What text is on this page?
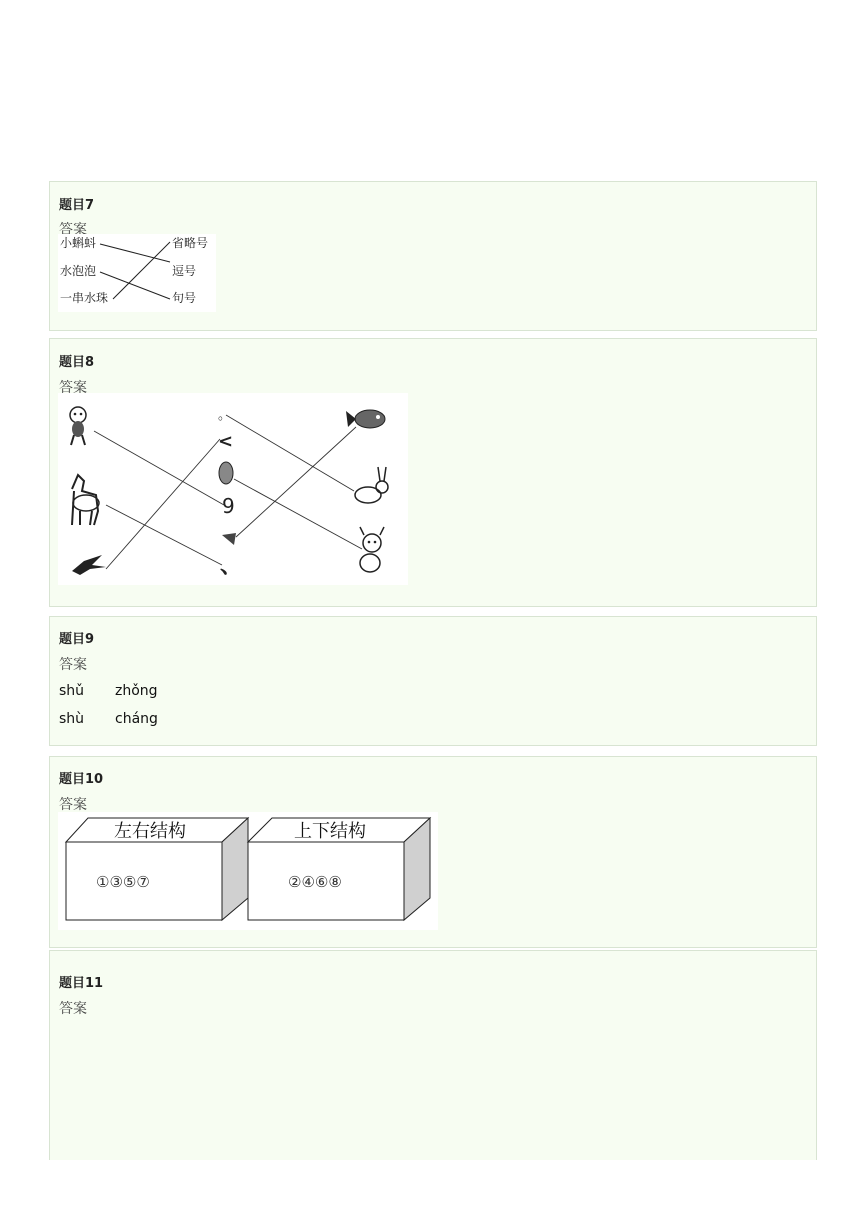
题目7
答案
小蝌蚪
水泡泡
一串水珠
省略号
逗号
句号
题目8
答案
。
<
9
、
题目9
答案
shǔ zhǒng
shù cháng
题目10
答案
左右结构
①③⑤⑦
上下结构
②④⑥⑧
题目11
答案
